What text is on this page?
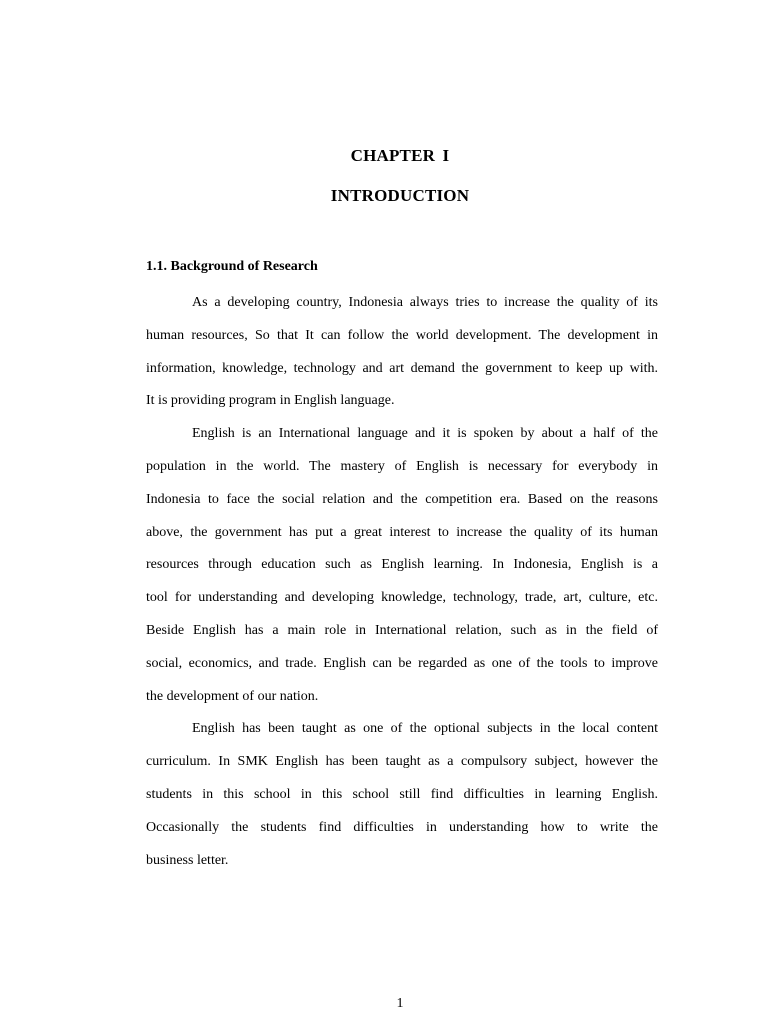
CHAPTER I
INTRODUCTION
1.1. Background of Research

As a developing country, Indonesia always tries to increase the quality of its
human resources, So that It can follow the world development. The development in
information, knowledge, technology and art demand the government to keep up with.
It is providing program in English language.

English is an International language and it is spoken by about a half of the
population in the world. The mastery of English is necessary for everybody in
Indonesia to face the social relation and the competition era. Based on the reasons
above, the government has put a great interest to increase the quality of its human
resources through education such as English learning. In Indonesia, English is a
tool for understanding and developing knowledge, technology, trade, art, culture, etc.
Beside English has a main role in International relation, such as in the field of
social, economics, and trade. English can be regarded as one of the tools to improve
the development of our nation.

English has been taught as one of the optional subjects in the local content
curriculum. In SMK English has been taught as a compulsory subject, however the
students in this school in this school still find difficulties in learning English.
Occasionally the students find difficulties in understanding how to write the
business letter.

1
